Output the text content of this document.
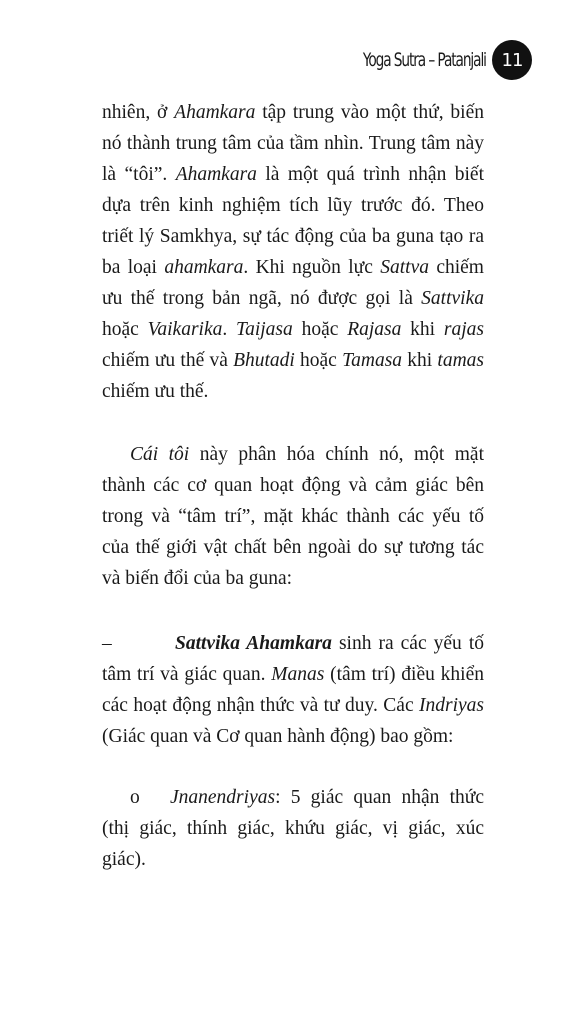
Yoga Sutra – Patanjali 11

nhiên, ở Ahamkara tập trung vào một thứ, biến nó thành trung tâm của tầm nhìn. Trung tâm này là “tôi”. Ahamkara là một quá trình nhận biết dựa trên kinh nghiệm tích lũy trước đó. Theo triết lý Samkhya, sự tác động của ba guna tạo ra ba loại ahamkara. Khi nguồn lực Sattva chiếm ưu thế trong bản ngã, nó được gọi là Sattvika hoặc Vaikarika. Taijasa hoặc Rajasa khi rajas chiếm ưu thế và Bhutadi hoặc Tamasa khi tamas chiếm ưu thế.

Cái tôi này phân hóa chính nó, một mặt thành các cơ quan hoạt động và cảm giác bên trong và “tâm trí”, mặt khác thành các yếu tố của thế giới vật chất bên ngoài do sự tương tác và biến đổi của ba guna:

–	Sattvika Ahamkara sinh ra các yếu tố tâm trí và giác quan. Manas (tâm trí) điều khiển các hoạt động nhận thức và tư duy. Các Indriyas (Giác quan và Cơ quan hành động) bao gồm:

o Jnanendriyas: 5 giác quan nhận thức (thị giác, thính giác, khứu giác, vị giác, xúc giác).
